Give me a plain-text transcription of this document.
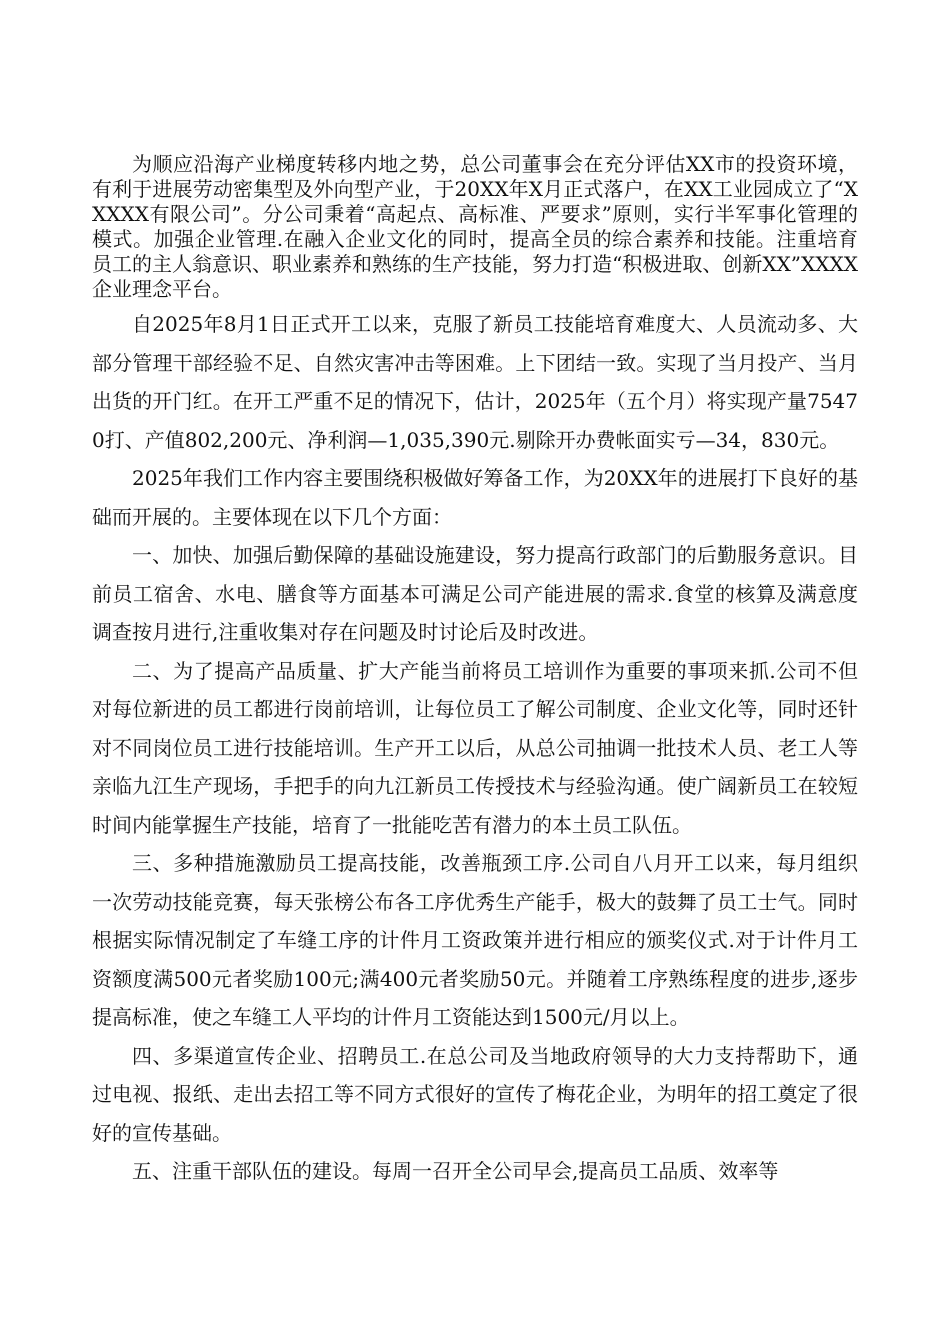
为顺应沿海产业梯度转移内地之势，总公司董事会在充分评估XX市的投资环境，有利于进展劳动密集型及外向型产业，于20XX年X月正式落户，在XX工业园成立了“XXXXX有限公司”。分公司秉着“高起点、高标准、严要求”原则，实行半军事化管理的模式。加强企业管理.在融入企业文化的同时，提高全员的综合素养和技能。注重培育员工的主人翁意识、职业素养和熟练的生产技能，努力打造“积极进取、创新XX”XXXX企业理念平台。

自2025年8月1日正式开工以来，克服了新员工技能培育难度大、人员流动多、大部分管理干部经验不足、自然灾害冲击等困难。上下团结一致。实现了当月投产、当月出货的开门红。在开工严重不足的情况下，估计，2025年（五个月）将实现产量75470打、产值802,200元、净利润—1,035,390元.剔除开办费帐面实亏—34，830元。

2025年我们工作内容主要围绕积极做好筹备工作，为20XX年的进展打下良好的基础而开展的。主要体现在以下几个方面：

一、加快、加强后勤保障的基础设施建设，努力提高行政部门的后勤服务意识。目前员工宿舍、水电、膳食等方面基本可满足公司产能进展的需求.食堂的核算及满意度调查按月进行,注重收集对存在问题及时讨论后及时改进。

二、为了提高产品质量、扩大产能当前将员工培训作为重要的事项来抓.公司不但对每位新进的员工都进行岗前培训，让每位员工了解公司制度、企业文化等，同时还针对不同岗位员工进行技能培训。生产开工以后，从总公司抽调一批技术人员、老工人等亲临九江生产现场，手把手的向九江新员工传授技术与经验沟通。使广阔新员工在较短时间内能掌握生产技能，培育了一批能吃苦有潜力的本土员工队伍。

三、多种措施激励员工提高技能，改善瓶颈工序.公司自八月开工以来，每月组织一次劳动技能竞赛，每天张榜公布各工序优秀生产能手，极大的鼓舞了员工士气。同时根据实际情况制定了车缝工序的计件月工资政策并进行相应的颁奖仪式.对于计件月工资额度满500元者奖励100元;满400元者奖励50元。并随着工序熟练程度的进步,逐步提高标准，使之车缝工人平均的计件月工资能达到1500元/月以上。

四、多渠道宣传企业、招聘员工.在总公司及当地政府领导的大力支持帮助下，通过电视、报纸、走出去招工等不同方式很好的宣传了梅花企业，为明年的招工奠定了很好的宣传基础。

五、注重干部队伍的建设。每周一召开全公司早会,提高员工品质、效率等
